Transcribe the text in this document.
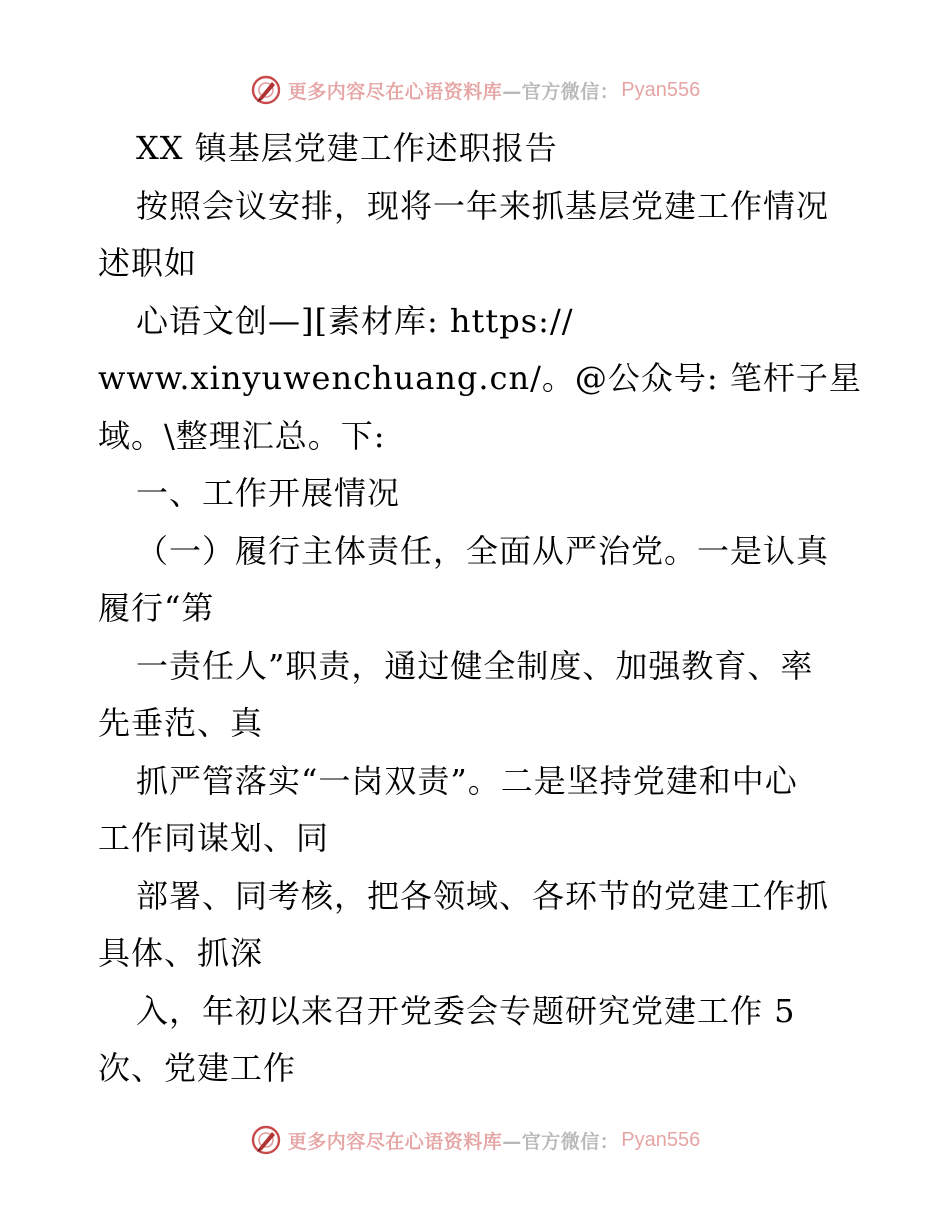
更多内容尽在心语资料库—官方微信： Pyan556
XX 镇基层党建工作述职报告
按照会议安排，现将一年来抓基层党建工作情况
述职如
心语文创—][素材库: https://
www.xinyuwenchuang.cn/。@公众号: 笔杆子星
域。\整理汇总。下:
一、工作开展情况
（一）履行主体责任，全面从严治党。一是认真
履行“第
一责任人”职责，通过健全制度、加强教育、率
先垂范、真
抓严管落实“一岗双责”。二是坚持党建和中心
工作同谋划、同
部署、同考核，把各领域、各环节的党建工作抓
具体、抓深
入，年初以来召开党委会专题研究党建工作 5
次、党建工作
更多内容尽在心语资料库—官方微信： Pyan556
